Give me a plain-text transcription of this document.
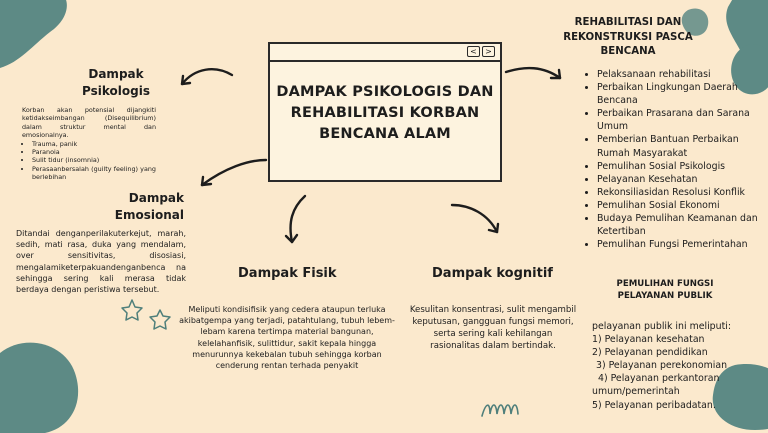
<	>
DAMPAK PSIKOLOGIS DAN REHABILITASI KORBAN BENCANA ALAM
Dampak Psikologis
Korban akan potensial dijangkiti ketidakseimbangan (Disequilibrium) dalam struktur mental dan emosionalnya.
• Trauma, panik
• Paranoia
• Sulit tidur (insomnia)
• Perasaanbersalah (guilty feeling) yang berlebihan
Dampak Emosional
Ditandai denganperilakuterkejut, marah, sedih, mati rasa, duka yang mendalam, over sensitivitas, disosiasi, mengalamiketerpakuandenganbenca na sehingga sering kali merasa tidak berdaya dengan peristiwa tersebut.
Dampak Fisik
Meliputi kondisifisik yang cedera ataupun terluka akibatgempa yang terjadi, patahtulang, tubuh lebem-lebam karena tertimpa material bangunan, kelelahanfisik, sulittidur, sakit kepala hingga menurunnya kekebalan tubuh sehingga korban cenderung rentan terhada penyakit
Dampak kognitif
Kesulitan konsentrasi, sulit mengambil keputusan, gangguan fungsi memori, serta sering kali kehilangan rasionalitas dalam bertindak.
REHABILITASI DAN REKONSTRUKSI PASCA BENCANA
• Pelaksanaan rehabilitasi
• Perbaikan Lingkungan Daerah Bencana
• Perbaikan Prasarana dan Sarana Umum
• Pemberian Bantuan Perbaikan Rumah Masyarakat
• Pemulihan Sosial Psikologis
• Pelayanan Kesehatan
• Rekonsiliasidan Resolusi Konflik
• Pemulihan Sosial Ekonomi
• Budaya Pemulihan Keamanan dan Ketertiban
• Pemulihan Fungsi Pemerintahan
PEMULIHAN FUNGSI PELAYANAN PUBLIK
pelayanan publik ini meliputi:
1) Pelayanan kesehatan
2) Pelayanan pendidikan
3) Pelayanan perekonomian
4) Pelayanan perkantoran umum/pemerintah
5) Pelayanan peribadatan.
